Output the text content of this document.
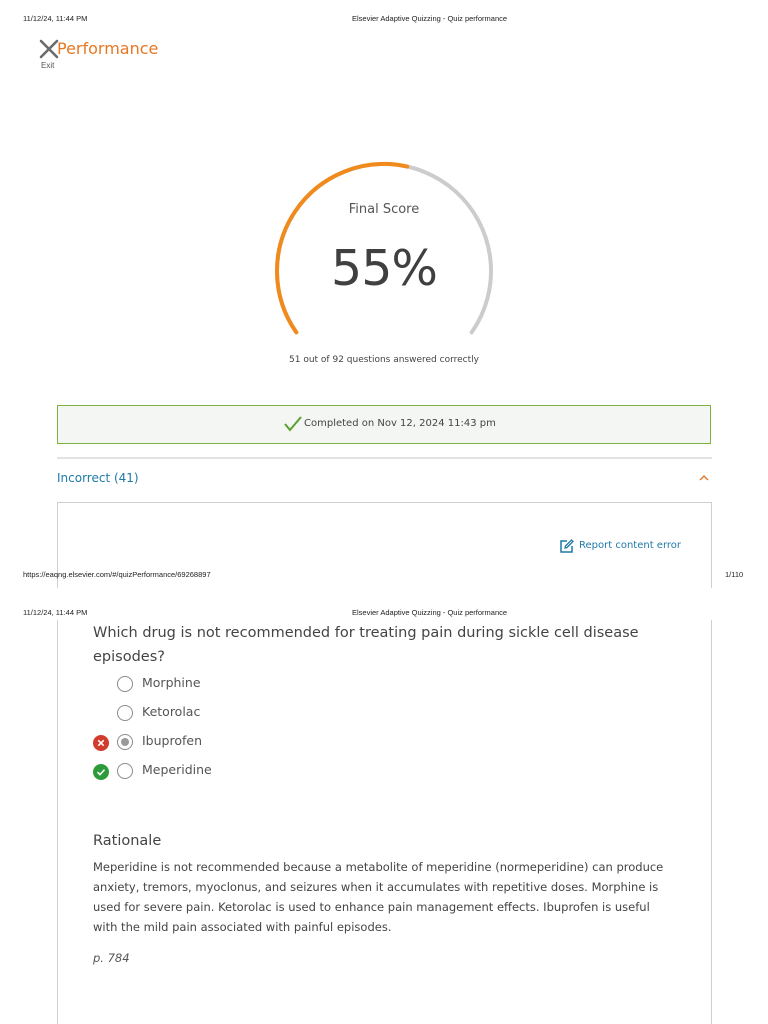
11/12/24, 11:44 PM	Elsevier Adaptive Quizzing - Quiz performance
Exit
Performance
Final Score
55%
51 out of 92 questions answered correctly
Completed on Nov 12, 2024 11:43 pm
Incorrect (41)
Report content error
https://eaqng.elsevier.com/#/quizPerformance/69268897	1/110
11/12/24, 11:44 PM	Elsevier Adaptive Quizzing - Quiz performance
Which drug is not recommended for treating pain during sickle cell disease episodes?
Morphine
Ketorolac
Ibuprofen
Meperidine
Rationale
Meperidine is not recommended because a metabolite of meperidine (normeperidine) can produce anxiety, tremors, myoclonus, and seizures when it accumulates with repetitive doses. Morphine is used for severe pain. Ketorolac is used to enhance pain management effects. Ibuprofen is useful with the mild pain associated with painful episodes.
p. 784
